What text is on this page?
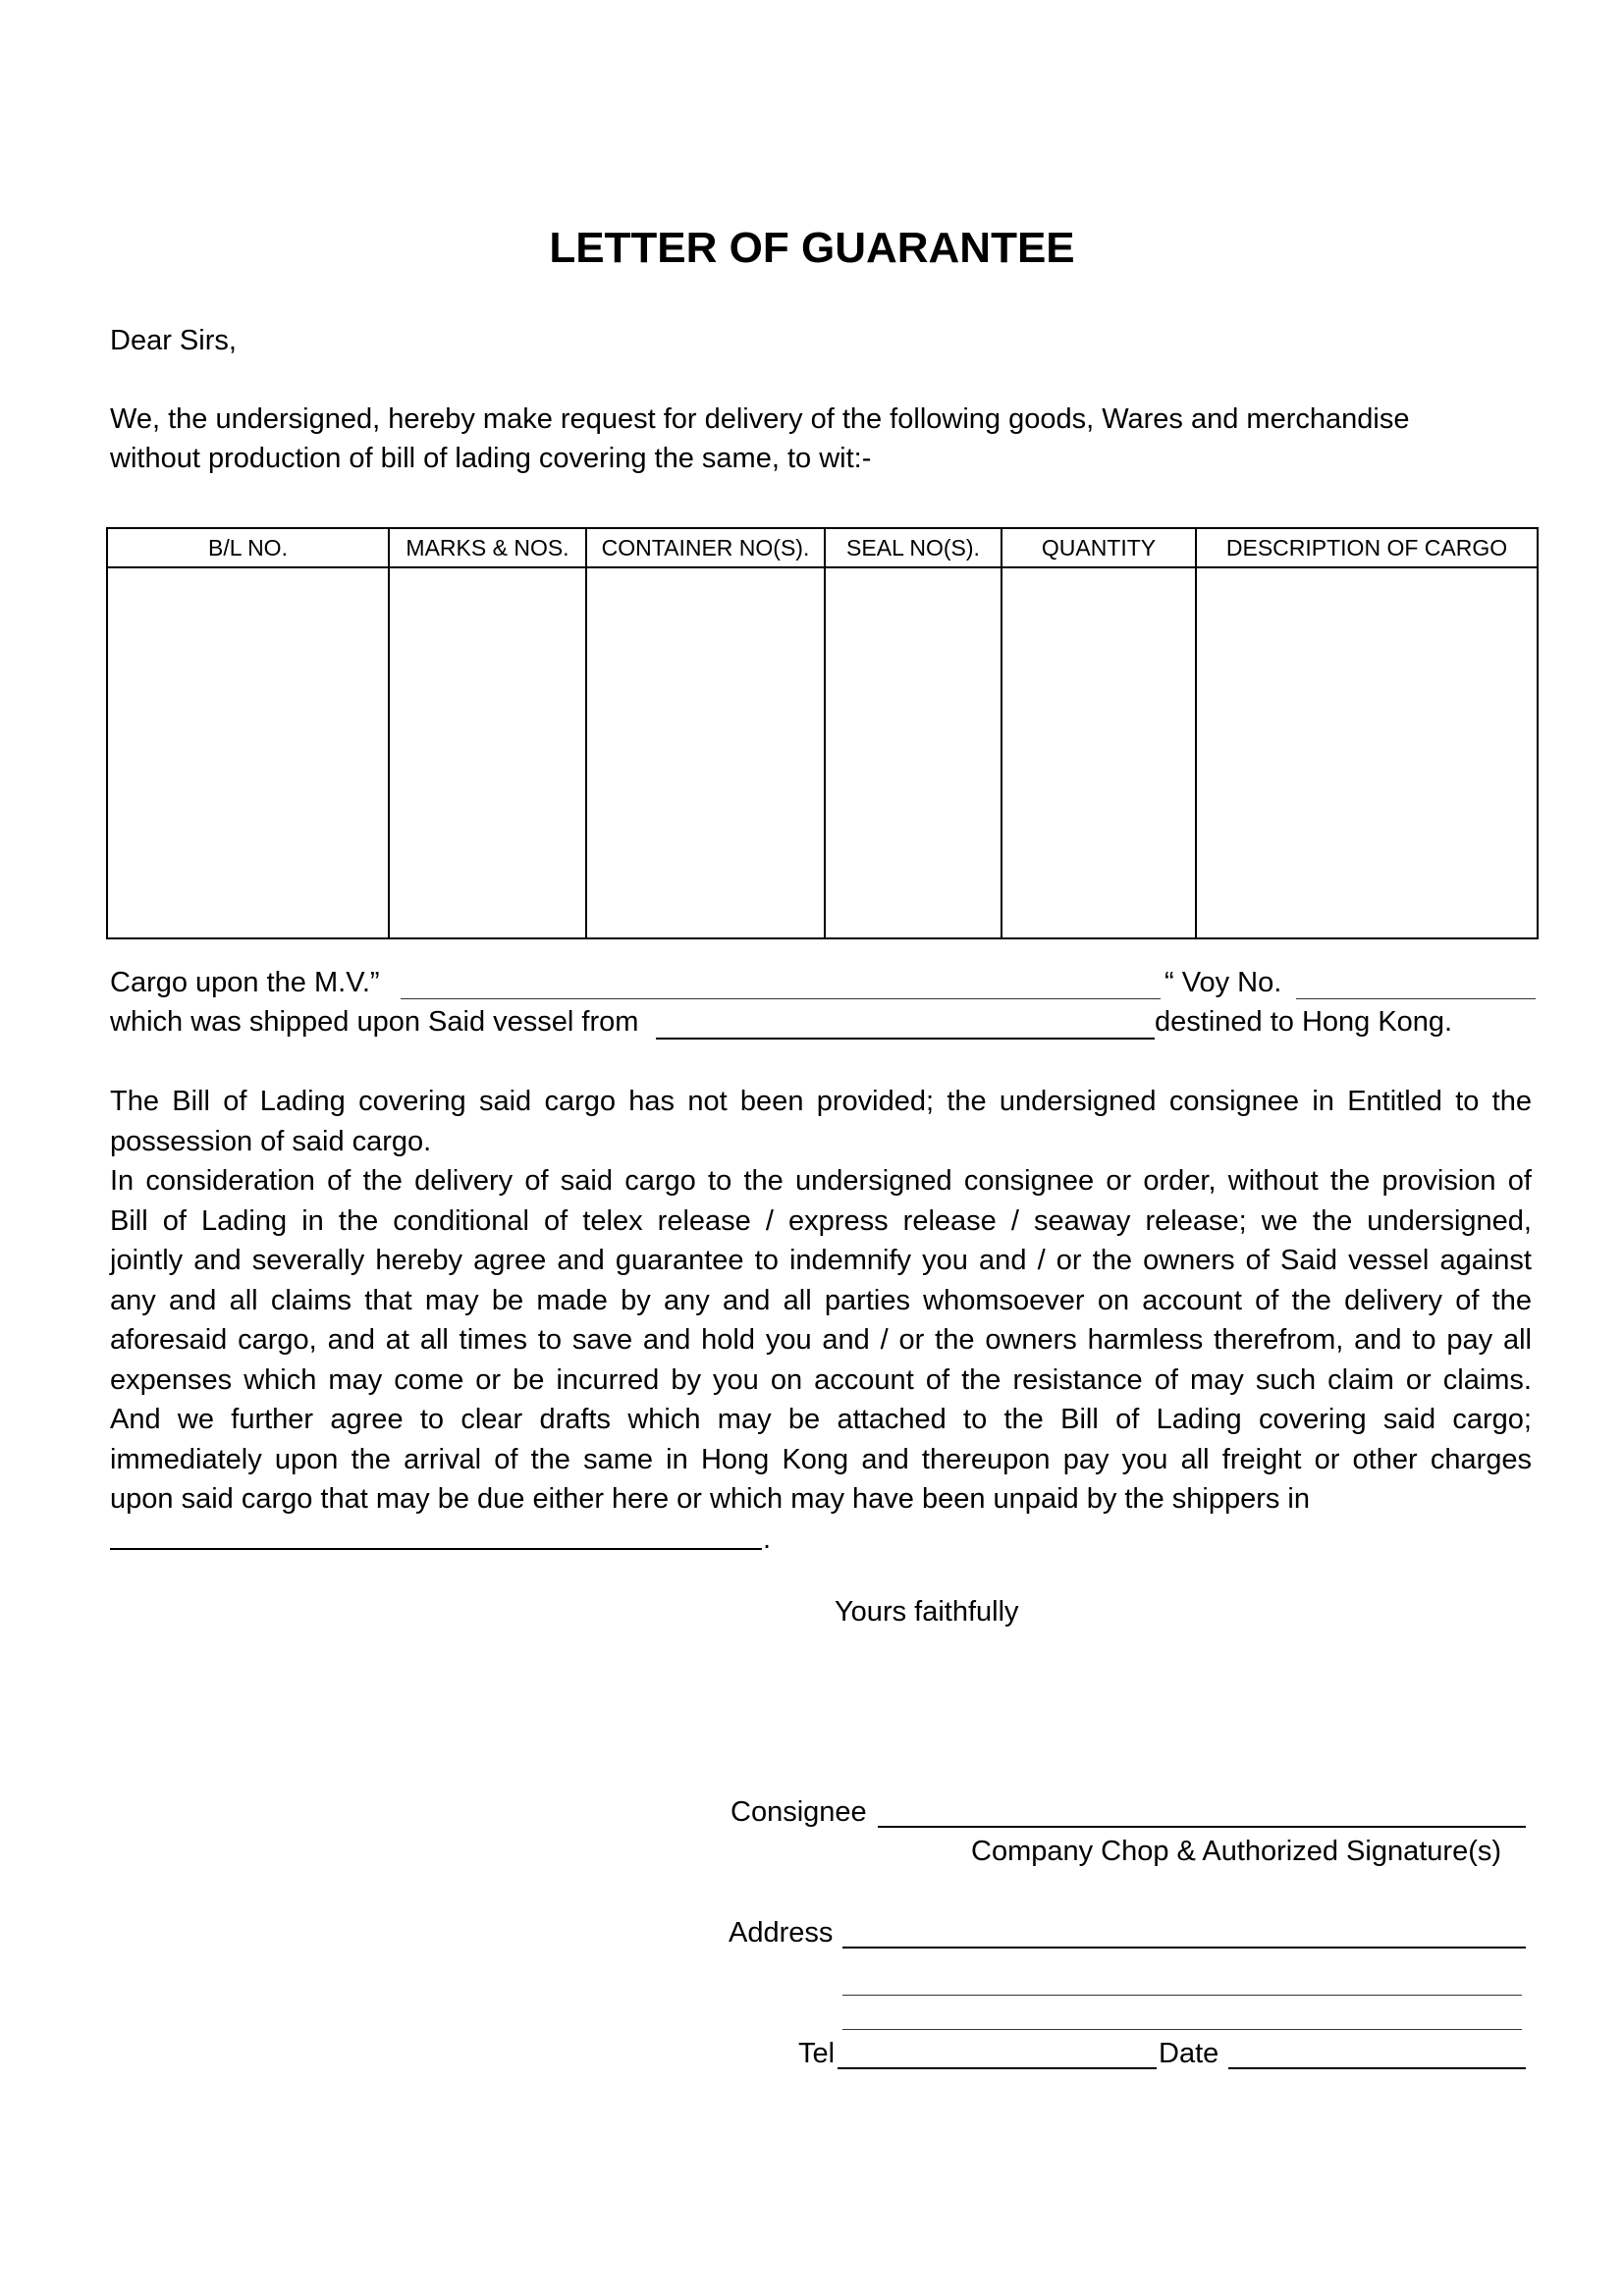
LETTER OF GUARANTEE
Dear Sirs,
We, the undersigned, hereby make request for delivery of the following goods, Wares and merchandise
without production of bill of lading covering the same, to wit:-
B/L NO.	MARKS & NOS.	CONTAINER NO(S).	SEAL NO(S).	QUANTITY	DESCRIPTION OF CARGO

Cargo upon the M.V.”	“ Voy No.
which was shipped upon Said vessel from	destined to Hong Kong.
The Bill of Lading covering said cargo has not been provided; the undersigned consignee in Entitled to the
possession of said cargo.
In consideration of the delivery of said cargo to the undersigned consignee or order, without the provision of
Bill of Lading in the conditional of telex release / express release / seaway release; we the undersigned,
jointly and severally hereby agree and guarantee to indemnify you and / or the owners of Said vessel against
any and all claims that may be made by any and all parties whomsoever on account of the delivery of the
aforesaid cargo, and at all times to save and hold you and / or the owners harmless therefrom, and to pay all
expenses which may come or be incurred by you on account of the resistance of may such claim or claims.
And we further agree to clear drafts which may be attached to the Bill of Lading covering said cargo;
immediately upon the arrival of the same in Hong Kong and thereupon pay you all freight or other charges
upon said cargo that may be due either here or which may have been unpaid by the shippers in
.
Yours faithfully
Consignee
Company Chop & Authorized Signature(s)
Address
Tel	Date
